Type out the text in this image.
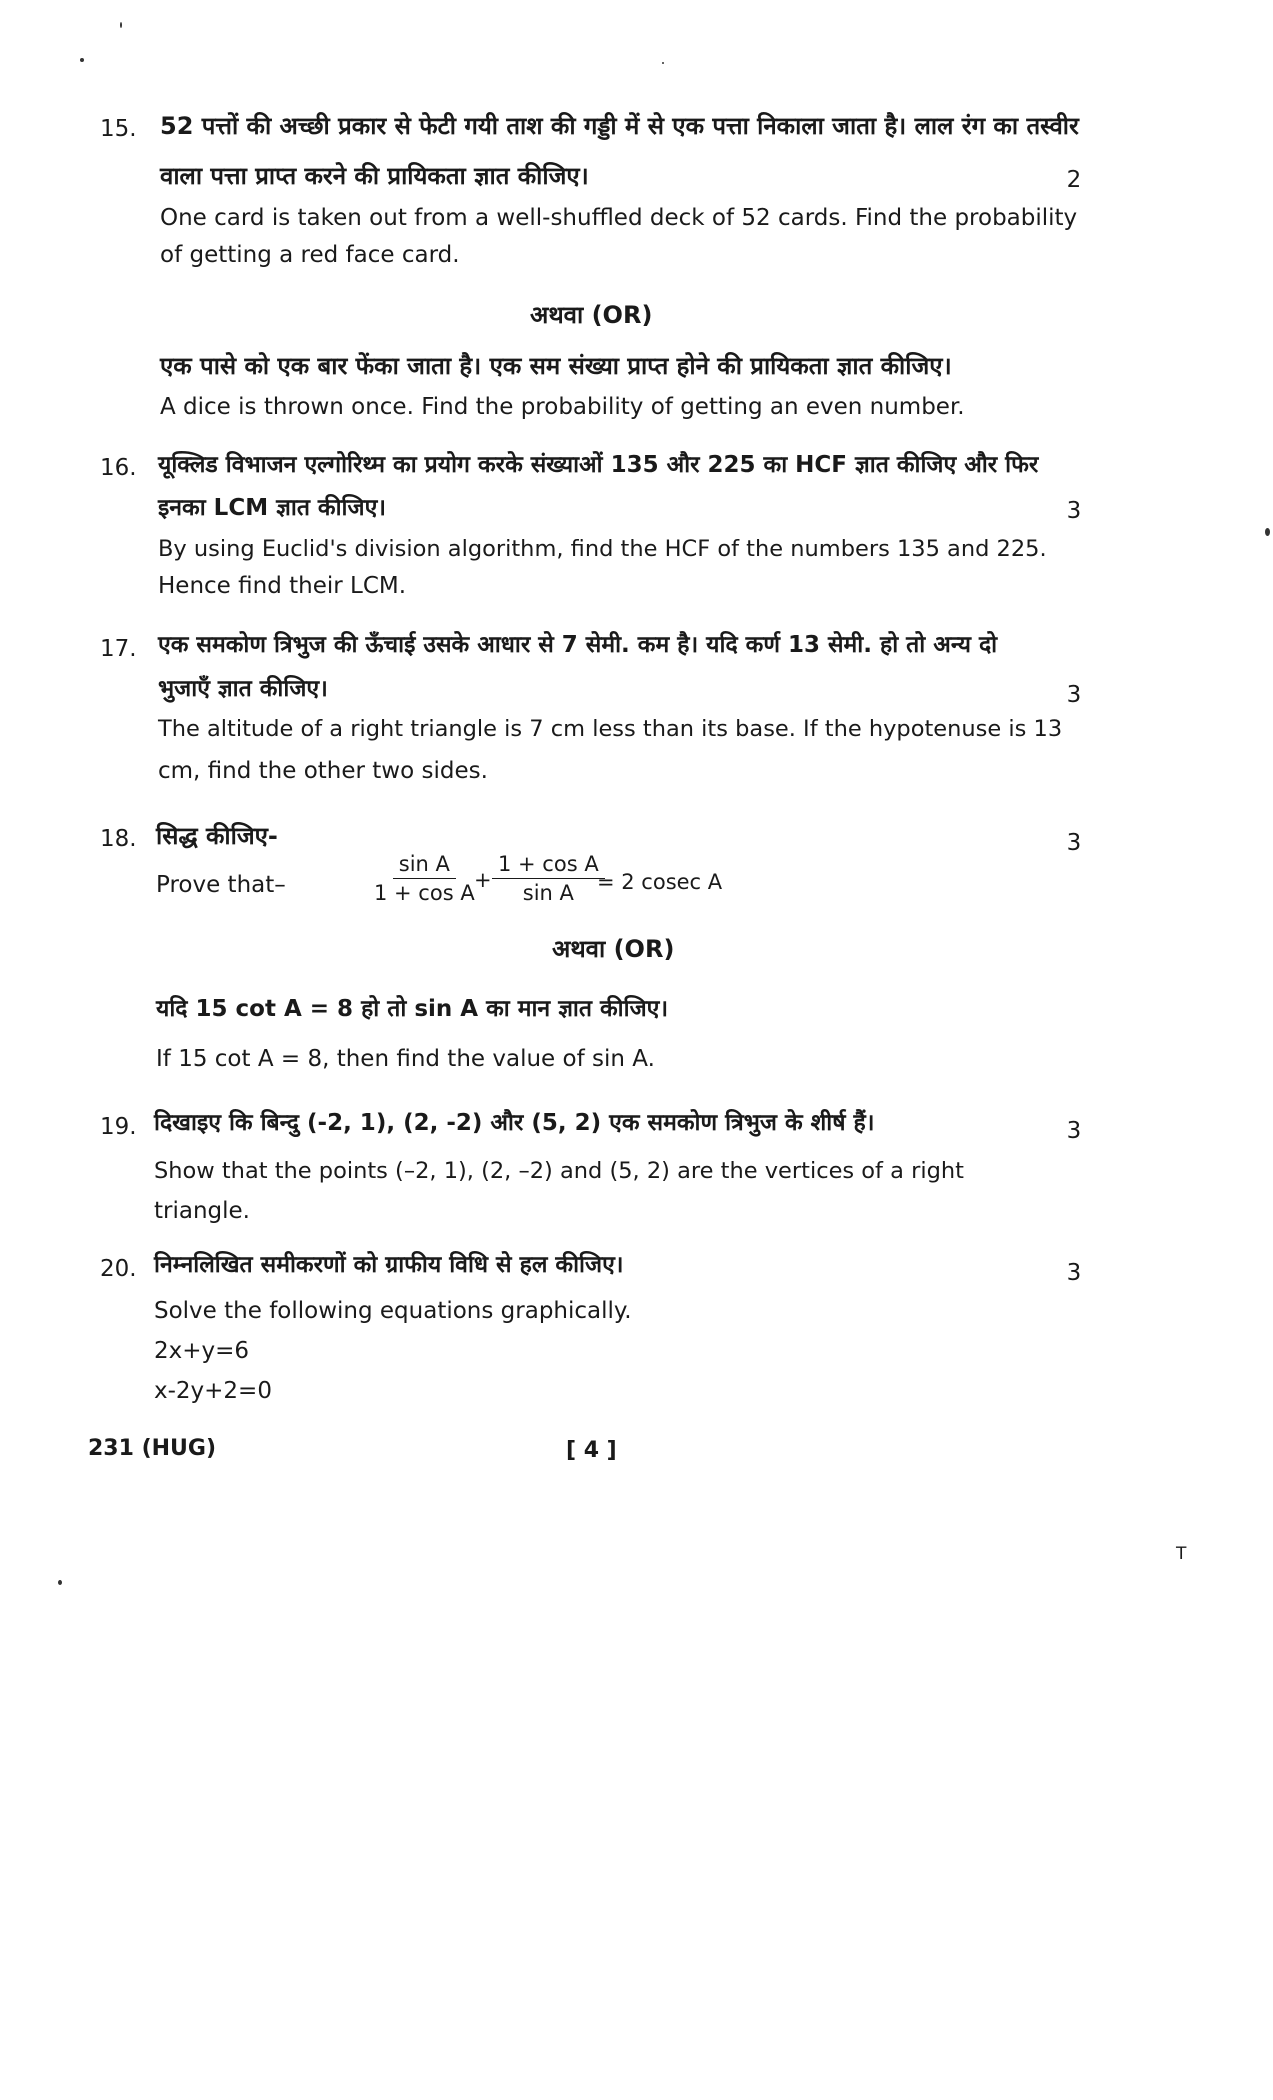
15. 52 पत्तों की अच्छी प्रकार से फेटी गयी ताश की गड्डी में से एक पत्ता निकाला जाता है। लाल रंग का तस्वीर
वाला पत्ता प्राप्त करने की प्रायिकता ज्ञात कीजिए।	2
One card is taken out from a well-shuffled deck of 52 cards. Find the probability
of getting a red face card.
अथवा (OR)
एक पासे को एक बार फेंका जाता है। एक सम संख्या प्राप्त होने की प्रायिकता ज्ञात कीजिए।
A dice is thrown once. Find the probability of getting an even number.
16. यूक्लिड विभाजन एल्गोरिथ्म का प्रयोग करके संख्याओं 135 और 225 का HCF ज्ञात कीजिए और फिर
इनका LCM ज्ञात कीजिए।	3
By using Euclid's division algorithm, find the HCF of the numbers 135 and 225.
Hence find their LCM.
17. एक समकोण त्रिभुज की ऊँचाई उसके आधार से 7 सेमी. कम है। यदि कर्ण 13 सेमी. हो तो अन्य दो
भुजाएँ ज्ञात कीजिए।	3
The altitude of a right triangle is 7 cm less than its base. If the hypotenuse is 13
cm, find the other two sides.
18. सिद्ध कीजिए-	3
Prove that–	$\frac{\text{sin A}}{\text{1 + cos A}}$
+ $\frac{\text{1 + cos A}}{\text{sin A}}$
= 2 cosec A
अथवा (OR)
यदि 15 cot A = 8 हो तो sin A का मान ज्ञात कीजिए।
If 15 cot A = 8, then find the value of sin A.
19. दिखाइए कि बिन्दु (-2, 1), (2, -2) और (5, 2) एक समकोण त्रिभुज के शीर्ष हैं।	3
Show that the points (–2, 1), (2, –2) and (5, 2) are the vertices of a right
triangle.
20. निम्नलिखित समीकरणों को ग्राफीय विधि से हल कीजिए।	3
Solve the following equations graphically.
2x+y=6
x-2y+2=0
231 (HUG)	[ 4 ]
T
